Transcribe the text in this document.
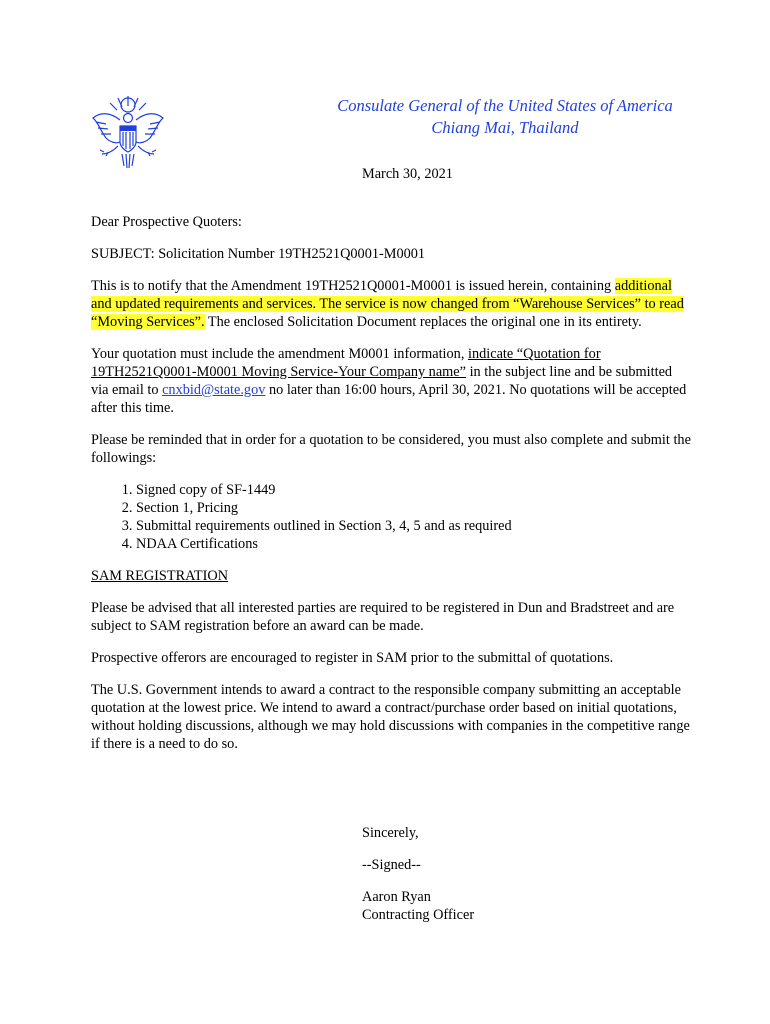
Consulate General of the United States of America
Chiang Mai, Thailand
March 30, 2021

Dear Prospective Quoters:

SUBJECT: Solicitation Number 19TH2521Q0001-M0001

This is to notify that the Amendment 19TH2521Q0001-M0001 is issued herein, containing additional and updated requirements and services. The service is now changed from “Warehouse Services” to read “Moving Services”. The enclosed Solicitation Document replaces the original one in its entirety.

Your quotation must include the amendment M0001 information, indicate “Quotation for 19TH2521Q0001-M0001 Moving Service-Your Company name” in the subject line and be submitted via email to cnxbid@state.gov no later than 16:00 hours, April 30, 2021. No quotations will be accepted after this time.

Please be reminded that in order for a quotation to be considered, you must also complete and submit the followings:

1. Signed copy of SF-1449
2. Section 1, Pricing
3. Submittal requirements outlined in Section 3, 4, 5 and as required
4. NDAA Certifications

SAM REGISTRATION

Please be advised that all interested parties are required to be registered in Dun and Bradstreet and are subject to SAM registration before an award can be made.

Prospective offerors are encouraged to register in SAM prior to the submittal of quotations.

The U.S. Government intends to award a contract to the responsible company submitting an acceptable quotation at the lowest price. We intend to award a contract/purchase order based on initial quotations, without holding discussions, although we may hold discussions with companies in the competitive range if there is a need to do so.

Sincerely,

--Signed--

Aaron Ryan
Contracting Officer
